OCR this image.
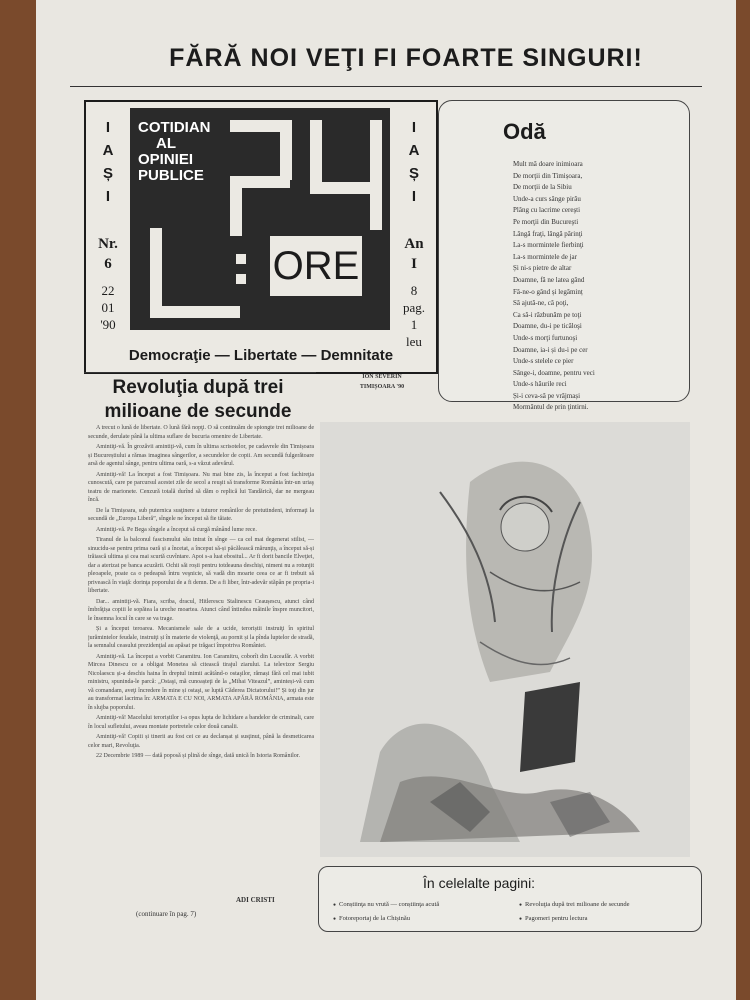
FĂRĂ NOI VEŢI FI FOARTE SINGURI!
I
A
Ș
I
Nr.
6
22
01
'90
COTIDIAN
AL
OPINIEI
PUBLICE
ORE
I
A
Ș
I
An
I
8
pag.
1
leu
Democraţie — Libertate — Demnitate
Odă
Mult mă doare inimioara
De morţii din Timișoara,
De morţii de la Sibiu
Unde-a curs sânge pirău
Plâng cu lacrime cereşti
Pe morţii din Bucureşti
Lângă fraţi, lângă părinţi
La-s mormintele fierbinţi
La-s mormintele de jar
Și ni-s pietre de altar
Doamne, fă ne latea gând
Fă-ne-o gând și legăminț
Să ajută-ne, că poţi,
Ca să-i răzbunăm pe toţi
Doamne, du-i pe ticăloşi
Unde-s morţi furtunoşi
Doamne, ia-i și du-i pe cer
Unde-s stelele ce pier
Sânge-i, doamne, pentru veci
Unde-s hăurile reci
Și-i ceva-să pe vrăjmași
Mormântul de prin ţintirni.
Revoluţia după trei milioane de secunde

A trecut o lună de libertate. O lună fără nopţi. O să continuăm de spiongte trei milioane de secunde, derulate până la ultima suflare de bucuria omenire de Libertate.

Amintiţi-vă. În grozăvii amintiţi-vă, cum în ultima scrisotelor, pe cadavrele din Timișoara și Bucureștiului a rămas imaginea sângerilor, a secundelor de copii. Am secundă fulgerătoare arsă de agentul sânge, pentru ultima oară, s-a văzut adevărul.

Amintiţi-vă! La început a fost Timișoara. Nu mai bine zis, la început a fost fachireţia cunoscută, care pe parcursul acestei zile de secol a reuşit să transforme România într-un uriaş teatru de marionete. Cenzură totală durînd să dăm o replică lui Tandărică, dar ne mergeau încă.

De la Timișoara, sub puternica susţinere a tuturor românilor de pretutindeni, informaţi la secundă de „Europa Liberă”, sîngele ne început să fie tăiate.

Amintiţi-vă. Pe Bega sîngele a început să curgă mânând lume rece.

Tiranul de la balconul fascismului său intrat în sînge — ca cel mai degenerat stilist, — sinucidu-se pentru prima oară și a încetat, a început să-și păcălească mărunţiș, a început să-și trăiască ultima și cea mai scurtă cuvîntare. Apoi s-a luat ebositul... Ar fi dorit bancile Elveţiei, dar a aterizat pe banca acuzării. Ochii săi roșii pentru totdeauna deschiși, nimeni nu a rotunjit pleoapele, poate ca o pedeapsă întru veşnicie, să vadă din moarte ceea ce ar fi trebuit să privească în viaţă: dorinţa poporului de a fi demn. De a fi liber, într-adevăr stăpân pe propria-i libertate.

Dar... amintiţi-vă. Fiara, scriba, dracul, Hitlerescu Stalinescu Ceaușescu, atunci când îmbrăţișa copiii le sopătea la ureche moartea. Atunci când întindea mâinile înspre muncitori, le însemna locul în care se va trage.

Și a început teroarea. Mecanismele sale de a ucide, teroriștii instruiţi în spiritul jurămintelor feudale, instruiţi și în materie de violenţă, au pornit și la pînda luptelor de stradă, la semnalul ceasului prezidenţial au apăsat pe trăgaci împotriva României.

Amintiţi-vă. La început a vorbit Caramitru. Ion Caramitru, coborît din Luceafăr. A vorbit Mircea Dinescu ce a obligat Monetea să citească tirajul ziarului. La televizor Sergiu Nicolaescu și-a deschis haina în dreptul inimii acătând-o ostaşilor, rămași fără cel mai iubit ministru, spuninda-le parcă: „Ostaşi, mă cunoașteţi de la „Mihai Viteazul”, aminteși-vă cum vă comandam, aveţi încredere în mine și ostaşi, se luptă Căderea Dictatorului!” Și toţi din jur au transformat lacrima în: ARMATA E CU NOI, ARMATA APĂRĂ ROMÂNIA, armata este în slujba poporului.

Amintiţi-vă! Macelului teroriștilor i-a opus lupta de lichidare a bandelor de criminali, care în locul sufletului, aveau montate portretele celor două canalii.

Amintiţi-vă! Copiii și tinerii au fost cei ce au declanșat și susţinut, până la desmeticarea celor mari, Revoluţia.

22 Decembrie 1989 — dată poposă și plină de sînge, dată unică în Istoria Românilor.

ADI CRISTI
(continuare în pag. 7)
ION SEVERIN
TIMIȘOARA '90
În celelalte pagini:
● Conștiinţa nu vrută — conștiinţa acută
● Fotoreportaj de la Chișinău
● Revoluţia după trei milioane de secunde
● Pagomeri pentru lectura
